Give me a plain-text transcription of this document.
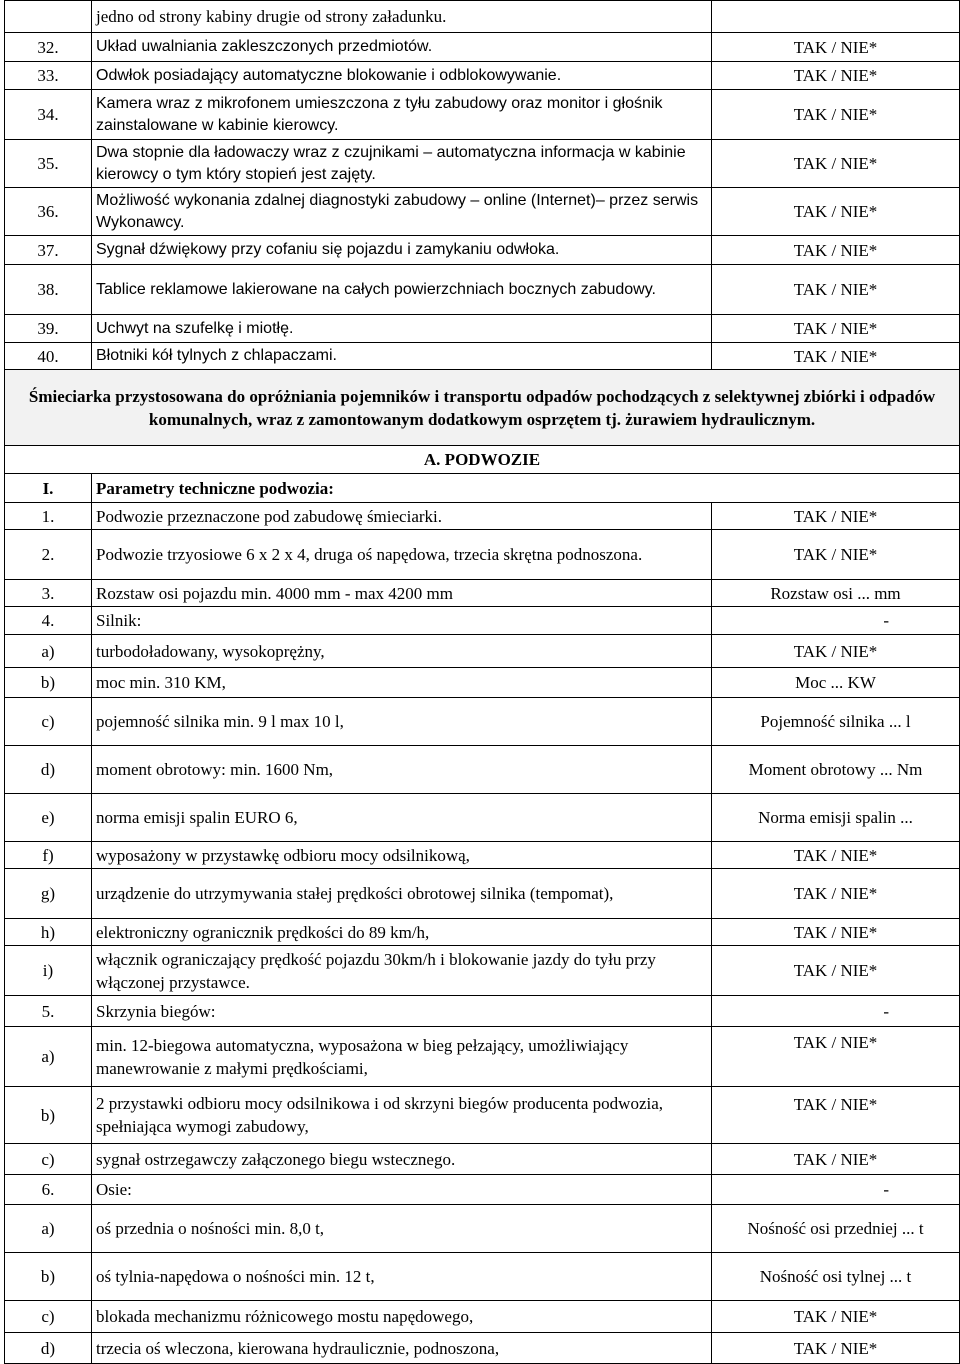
	jedno od strony kabiny drugie od strony załadunku.	
32.	Układ uwalniania zakleszczonych przedmiotów.	TAK / NIE*
33.	Odwłok posiadający automatyczne blokowanie i odblokowywanie.	TAK / NIE*
34.	Kamera wraz z mikrofonem umieszczona z tyłu zabudowy oraz monitor i głośnik zainstalowane w kabinie kierowcy.	TAK / NIE*
35.	Dwa stopnie dla ładowaczy wraz z czujnikami – automatyczna informacja w kabinie kierowcy o tym który stopień jest zajęty.	TAK / NIE*
36.	Możliwość wykonania zdalnej diagnostyki zabudowy – online (Internet)– przez serwis Wykonawcy.	TAK / NIE*
37.	Sygnał dźwiękowy przy cofaniu się pojazdu i zamykaniu odwłoka.	TAK / NIE*
38.	Tablice reklamowe lakierowane na całych powierzchniach bocznych zabudowy.	TAK / NIE*
39.	Uchwyt na szufelkę i miotłę.	TAK / NIE*
40.	Błotniki kół tylnych z chlapaczami.	TAK / NIE*
Śmieciarka przystosowana do opróżniania pojemników i transportu odpadów pochodzących z selektywnej zbiórki i odpadów komunalnych, wraz z zamontowanym dodatkowym osprzętem tj. żurawiem hydraulicznym.		
A. PODWOZIE		
I.	Parametry techniczne podwozia:	
1.	Podwozie przeznaczone pod zabudowę śmieciarki.	TAK / NIE*
2.	Podwozie trzyosiowe 6 x 2 x 4, druga oś napędowa, trzecia skrętna podnoszona.	TAK / NIE*
3.	Rozstaw osi pojazdu min. 4000 mm - max 4200 mm	Rozstaw osi ... mm
4.	Silnik:	-
a)	turbodoładowany, wysokoprężny,	TAK / NIE*
b)	moc min. 310 KM,	Moc ... KW
c)	pojemność silnika min. 9 l max 10 l,	Pojemność silnika ... l
d)	moment obrotowy: min. 1600 Nm,	Moment obrotowy ... Nm
e)	norma emisji spalin EURO 6,	Norma emisji spalin ...
f)	wyposażony w przystawkę odbioru mocy odsilnikową,	TAK / NIE*
g)	urządzenie do utrzymywania stałej prędkości obrotowej silnika (tempomat),	TAK / NIE*
h)	elektroniczny ogranicznik prędkości do 89 km/h,	TAK / NIE*
i)	włącznik ograniczający prędkość pojazdu 30km/h i blokowanie jazdy do tyłu przy włączonej przystawce.	TAK / NIE*
5.	Skrzynia biegów:	-
a)	min. 12-biegowa automatyczna, wyposażona w bieg pełzający, umożliwiający manewrowanie z małymi prędkościami,	TAK / NIE*
b)	2 przystawki odbioru mocy odsilnikowa i od skrzyni biegów producenta podwozia, spełniająca wymogi zabudowy,	TAK / NIE*
c)	sygnał ostrzegawczy załączonego biegu wstecznego.	TAK / NIE*
6.	Osie:	-
a)	oś przednia o nośności min. 8,0 t,	Nośność osi przedniej ... t
b)	oś tylnia-napędowa o nośności min. 12 t,	Nośność osi tylnej ... t
c)	blokada mechanizmu różnicowego mostu napędowego,	TAK / NIE*
d)	trzecia oś wleczona, kierowana hydraulicznie, podnoszona,	TAK / NIE*
